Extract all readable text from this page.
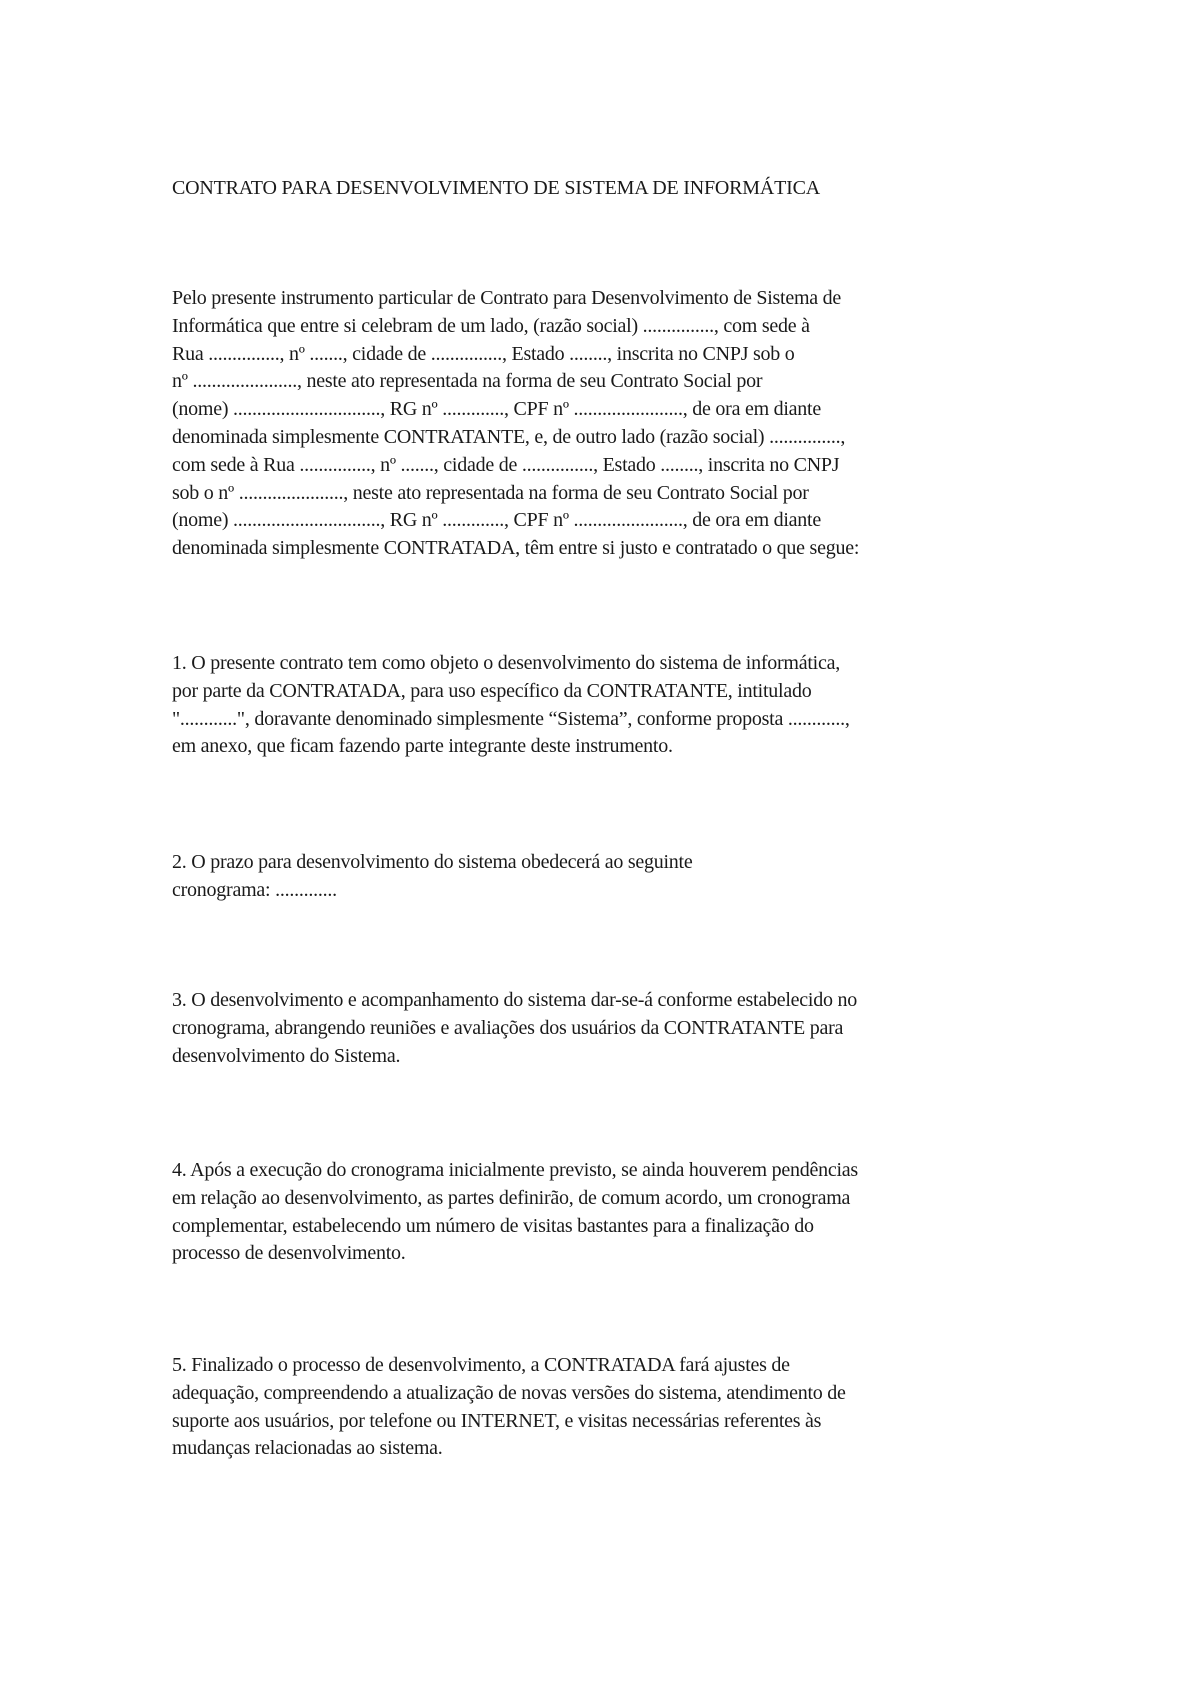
CONTRATO PARA DESENVOLVIMENTO DE SISTEMA DE INFORMÁTICA
Pelo presente instrumento particular de Contrato para Desenvolvimento de Sistema de
Informática que entre si celebram de um lado, (razão social) ..............., com sede à
Rua ..............., nº ......., cidade de ..............., Estado ........, inscrita no CNPJ sob o
nº ......................, neste ato representada na forma de seu Contrato Social por
(nome) ..............................., RG nº ............., CPF nº ......................., de ora em diante
denominada simplesmente CONTRATANTE, e, de outro lado (razão social) ...............,
com sede à Rua ..............., nº ......., cidade de ..............., Estado ........, inscrita no CNPJ
sob o nº ......................, neste ato representada na forma de seu Contrato Social por
(nome) ..............................., RG nº ............., CPF nº ......................., de ora em diante
denominada simplesmente CONTRATADA, têm entre si justo e contratado o que segue:
1. O presente contrato tem como objeto o desenvolvimento do sistema de informática,
por parte da CONTRATADA, para uso específico da CONTRATANTE, intitulado
"............", doravante denominado simplesmente “Sistema”, conforme proposta ............,
em anexo, que ficam fazendo parte integrante deste instrumento.
2. O prazo para desenvolvimento do sistema obedecerá ao seguinte
cronograma: .............
3. O desenvolvimento e acompanhamento do sistema dar-se-á conforme estabelecido no
cronograma, abrangendo reuniões e avaliações dos usuários da CONTRATANTE para
desenvolvimento do Sistema.
4. Após a execução do cronograma inicialmente previsto, se ainda houverem pendências
em relação ao desenvolvimento, as partes definirão, de comum acordo, um cronograma
complementar, estabelecendo um número de visitas bastantes para a finalização do
processo de desenvolvimento.
5. Finalizado o processo de desenvolvimento, a CONTRATADA fará ajustes de
adequação, compreendendo a atualização de novas versões do sistema, atendimento de
suporte aos usuários, por telefone ou INTERNET, e visitas necessárias referentes às
mudanças relacionadas ao sistema.
